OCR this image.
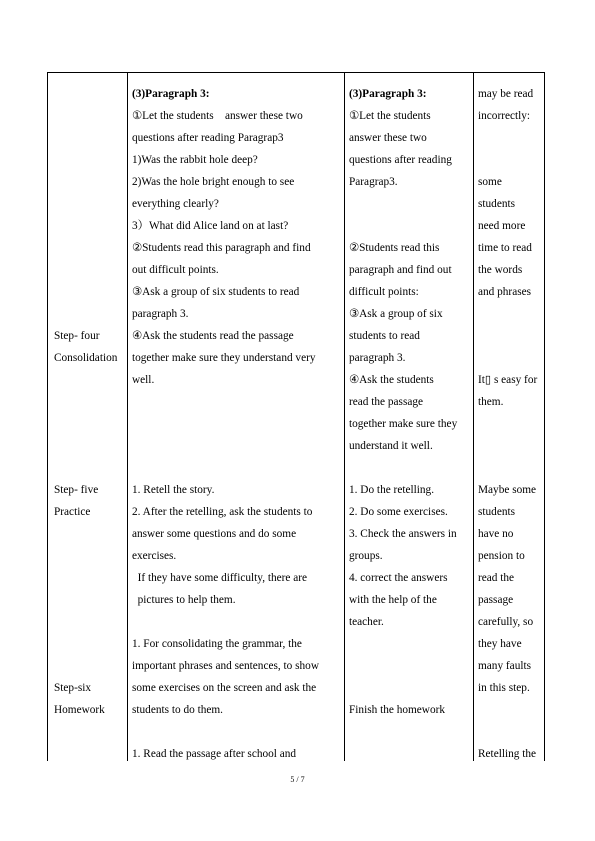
Step- four
Consolidation
Step- five
Practice
Step-six
Homework
(3)Paragraph 3:
①Let the students    answer these two
questions after reading Paragrap3
1)Was the rabbit hole deep?
2)Was the hole bright enough to see
everything clearly?
3）What did Alice land on at last?
②Students read this paragraph and find
out difficult points.
③Ask a group of six students to read
paragraph 3.
④Ask the students read the passage
together make sure they understand very
well.
1. Retell the story.
2. After the retelling, ask the students to
answer some questions and do some
exercises.
If they have some difficulty, there are
pictures to help them.
1. For consolidating the grammar, the
important phrases and sentences, to show
some exercises on the screen and ask the
students to do them.
1. Read the passage after school and
(3)Paragraph 3:
①Let the students
answer these two
questions after reading
Paragrap3.
②Students read this
paragraph and find out
difficult points:
③Ask a group of six
students to read
paragraph 3.
④Ask the students
read the passage
together make sure they
understand it well.
1. Do the retelling.
2. Do some exercises.
3. Check the answers in
groups.
4. correct the answers
with the help of the
teacher.
Finish the homework
may be read
incorrectly:
some
students
need more
time to read
the words
and phrases
It▯ s easy for
them.
Maybe some
students
have no
pension to
read the
passage
carefully, so
they have
many faults
in this step.
Retelling the
5 / 7
